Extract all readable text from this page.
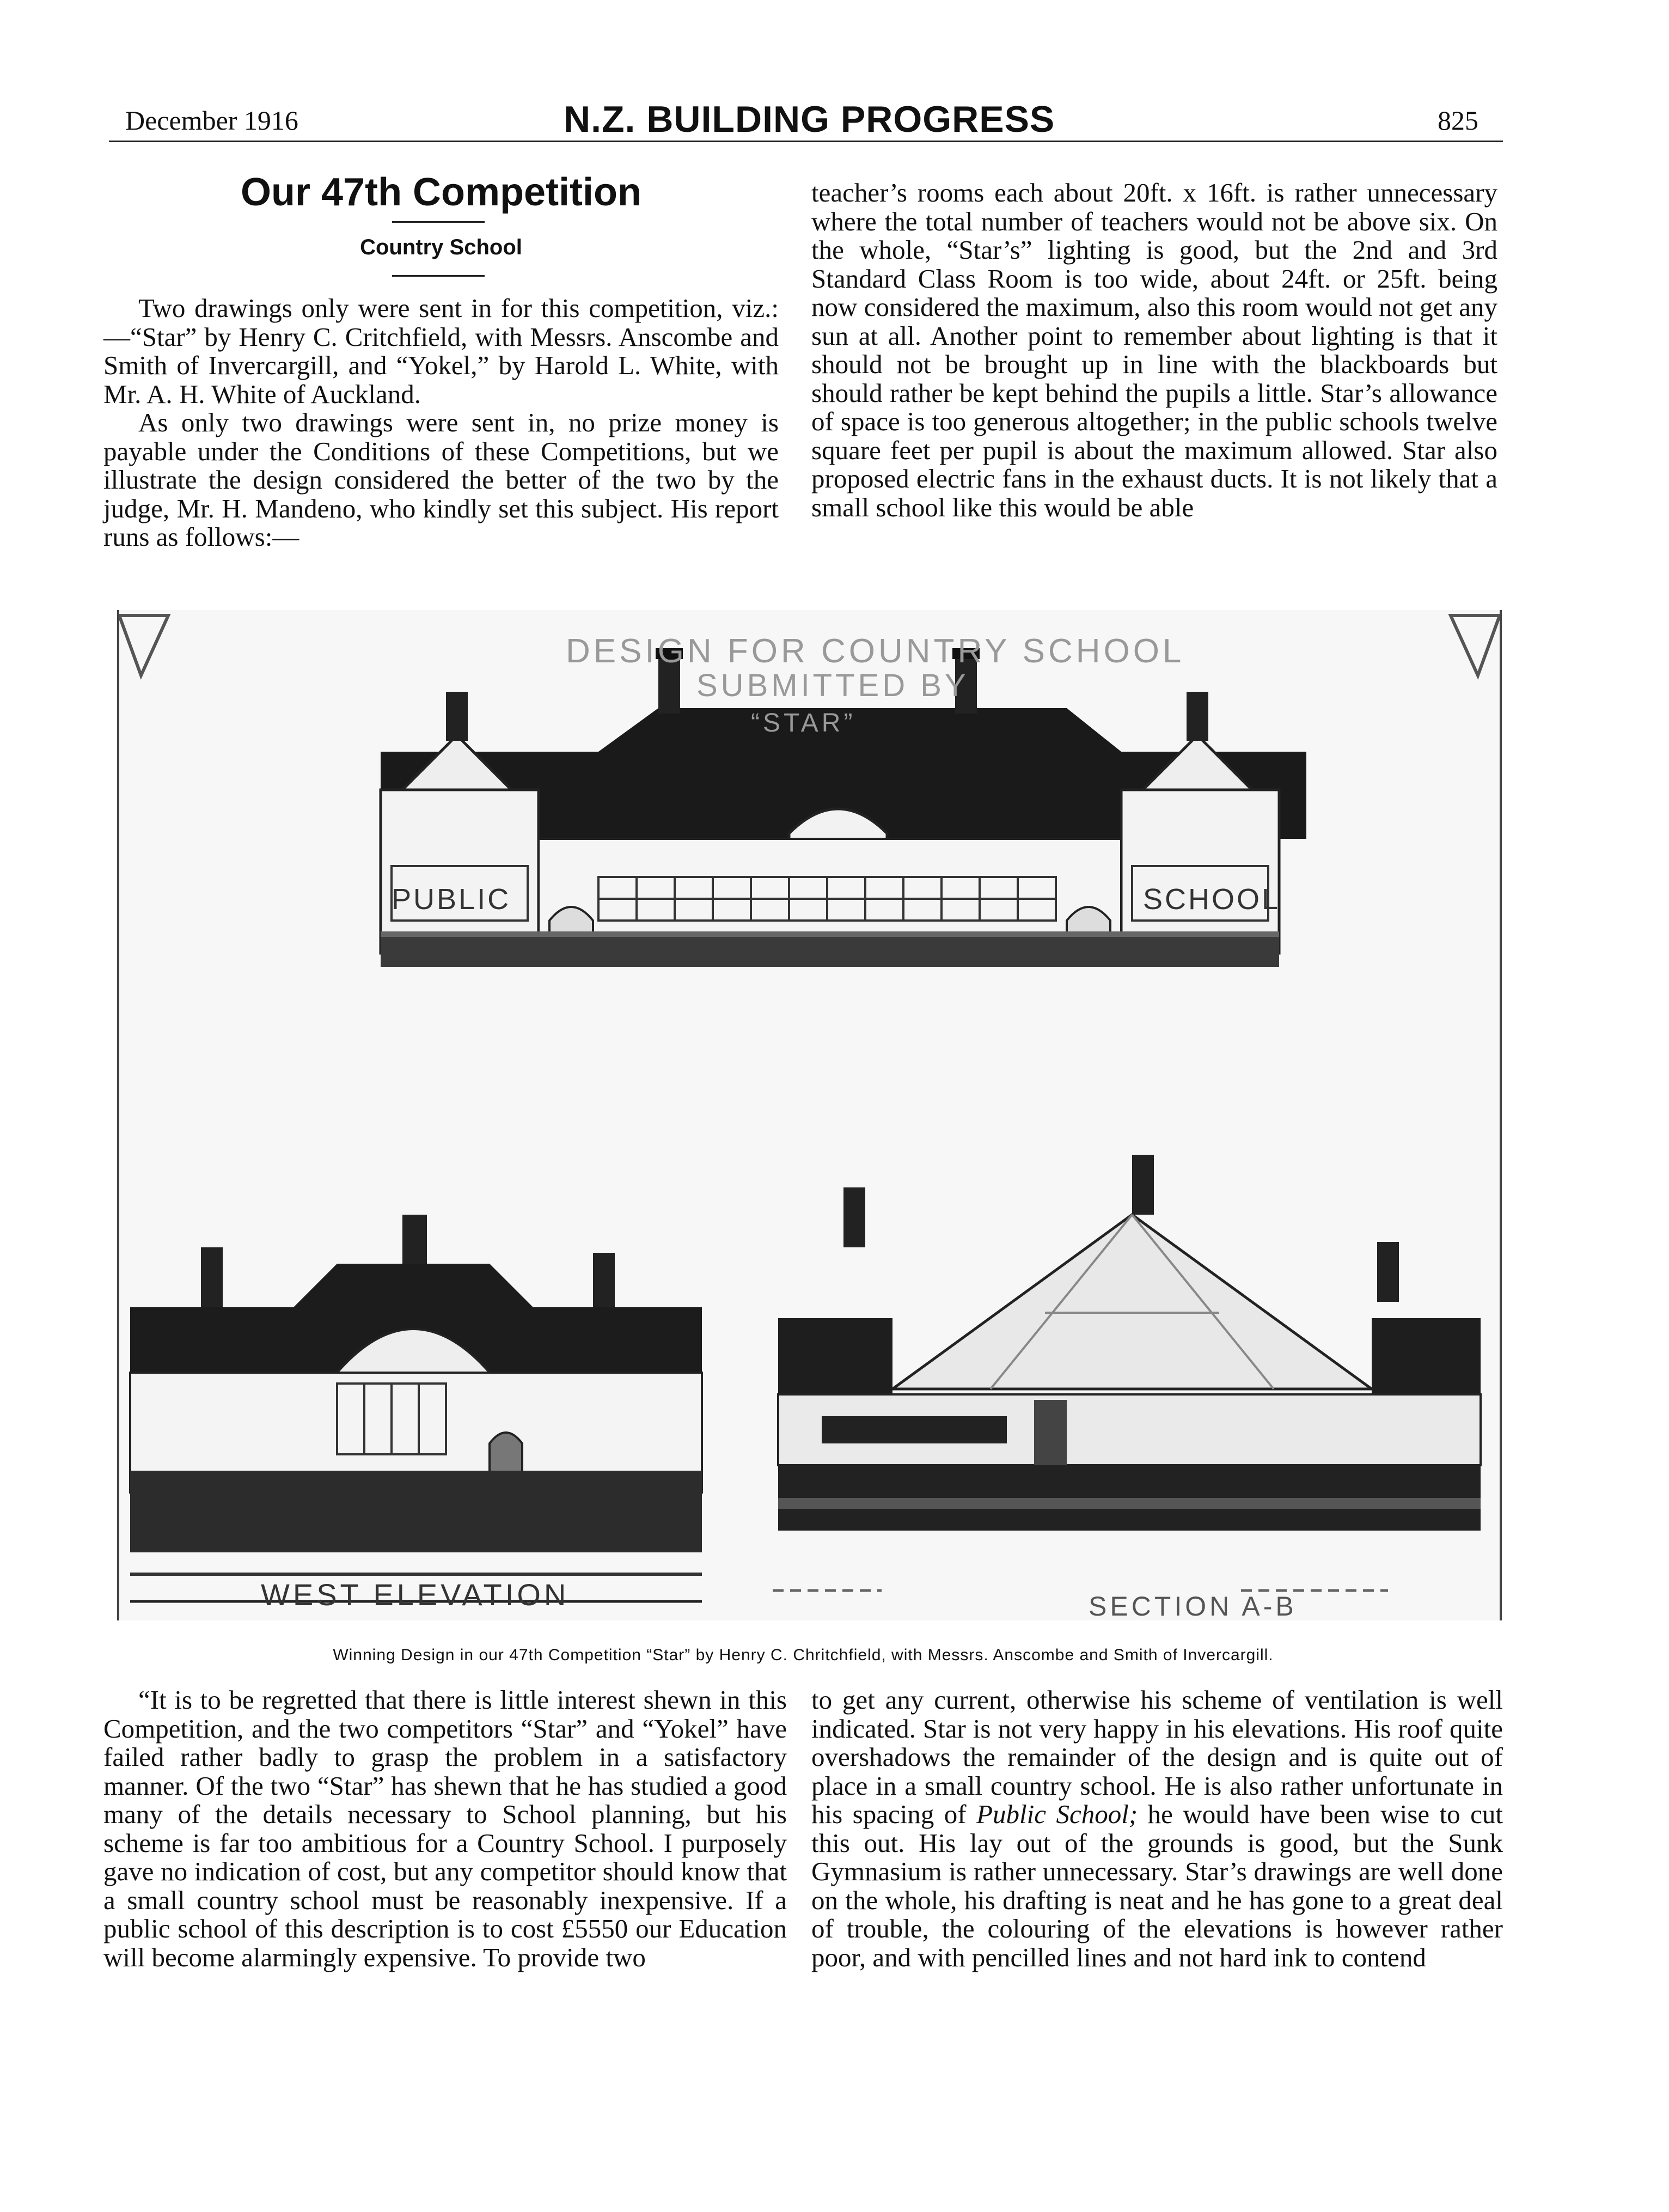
December 1916	N.Z. BUILDING PROGRESS	825
Our 47th Competition
Country School

Two drawings only were sent in for this competition, viz.:—“Star” by Henry C. Critchfield, with Messrs. Anscombe and Smith of Invercargill, and “Yokel,” by Harold L. White, with Mr. A. H. White of Auckland.

As only two drawings were sent in, no prize money is payable under the Conditions of these Competitions, but we illustrate the design considered the better of the two by the judge, Mr. H. Mandeno, who kindly set this subject. His report runs as follows:—

teacher’s rooms each about 20ft. x 16ft. is rather unnecessary where the total number of teachers would not be above six. On the whole, “Star’s” lighting is good, but the 2nd and 3rd Standard Class Room is too wide, about 24ft. or 25ft. being now considered the maximum, also this room would not get any sun at all. Another point to remember about lighting is that it should not be brought up in line with the blackboards but should rather be kept behind the pupils a little. Star’s allowance of space is too generous altogether; in the public schools twelve square feet per pupil is about the maximum allowed. Star also proposed electric fans in the exhaust ducts. It is not likely that a small school like this would be able

DESIGN FOR COUNTRY SCHOOL
SUBMITTED BY
“STAR”
PUBLIC	SCHOOL
WEST ELEVATION	SECTION A-B
Winning Design in our 47th Competition “Star” by Henry C. Chritchfield, with Messrs. Anscombe and Smith of Invercargill.

“It is to be regretted that there is little interest shewn in this Competition, and the two competitors “Star” and “Yokel” have failed rather badly to grasp the problem in a satisfactory manner. Of the two “Star” has shewn that he has studied a good many of the details necessary to School planning, but his scheme is far too ambitious for a Country School. I purposely gave no indication of cost, but any competitor should know that a small country school must be reasonably inexpensive. If a public school of this description is to cost £5550 our Education will become alarmingly expensive. To provide two

to get any current, otherwise his scheme of ventilation is well indicated. Star is not very happy in his elevations. His roof quite overshadows the remainder of the design and is quite out of place in a small country school. He is also rather unfortunate in his spacing of Public School; he would have been wise to cut this out. His lay out of the grounds is good, but the Sunk Gymnasium is rather unnecessary. Star’s drawings are well done on the whole, his drafting is neat and he has gone to a great deal of trouble, the colouring of the elevations is however rather poor, and with pencilled lines and not hard ink to contend
